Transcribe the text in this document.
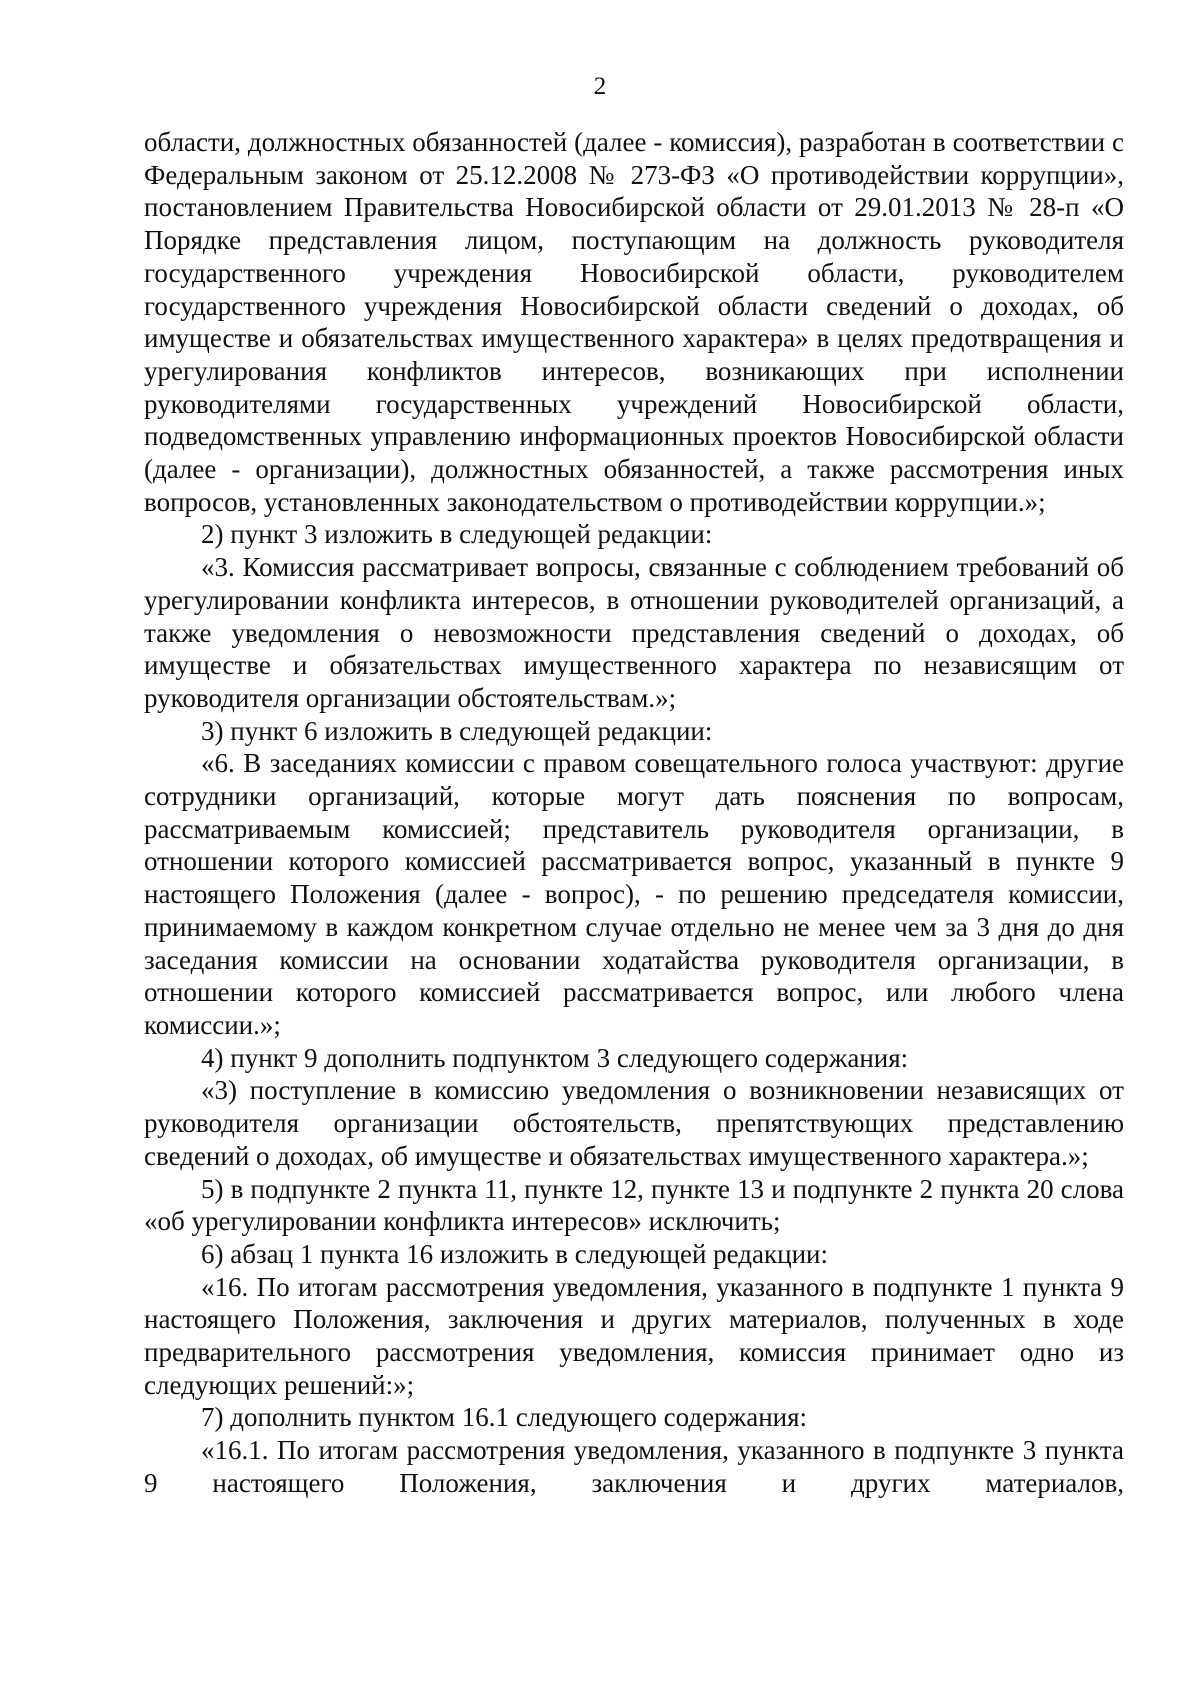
2

области, должностных обязанностей (далее - комиссия), разработан в соответствии с Федеральным законом от 25.12.2008 № 273-ФЗ «О противодействии коррупции», постановлением Правительства Новосибирской области от 29.01.2013 № 28-п «О Порядке представления лицом, поступающим на должность руководителя государственного учреждения Новосибирской области, руководителем государственного учреждения Новосибирской области сведений о доходах, об имуществе и обязательствах имущественного характера» в целях предотвращения и урегулирования конфликтов интересов, возникающих при исполнении руководителями государственных учреждений Новосибирской области, подведомственных управлению информационных проектов Новосибирской области (далее - организации), должностных обязанностей, а также рассмотрения иных вопросов, установленных законодательством о противодействии коррупции.»;

2) пункт 3 изложить в следующей редакции:

«3. Комиссия рассматривает вопросы, связанные с соблюдением требований об урегулировании конфликта интересов, в отношении руководителей организаций, а также уведомления о невозможности представления сведений о доходах, об имуществе и обязательствах имущественного характера по независящим от руководителя организации обстоятельствам.»;

3) пункт 6 изложить в следующей редакции:

«6. В заседаниях комиссии с правом совещательного голоса участвуют: другие сотрудники организаций, которые могут дать пояснения по вопросам, рассматриваемым комиссией; представитель руководителя организации, в отношении которого комиссией рассматривается вопрос, указанный в пункте 9 настоящего Положения (далее - вопрос), - по решению председателя комиссии, принимаемому в каждом конкретном случае отдельно не менее чем за 3 дня до дня заседания комиссии на основании ходатайства руководителя организации, в отношении которого комиссией рассматривается вопрос, или любого члена комиссии.»;

4) пункт 9 дополнить подпунктом 3 следующего содержания:

«3) поступление в комиссию уведомления о возникновении независящих от руководителя организации обстоятельств, препятствующих представлению сведений о доходах, об имуществе и обязательствах имущественного характера.»;

5) в подпункте 2 пункта 11, пункте 12, пункте 13 и подпункте 2 пункта 20 слова «об урегулировании конфликта интересов» исключить;

6) абзац 1 пункта 16 изложить в следующей редакции:

«16. По итогам рассмотрения уведомления, указанного в подпункте 1 пункта 9 настоящего Положения, заключения и других материалов, полученных в ходе предварительного рассмотрения уведомления, комиссия принимает одно из следующих решений:»;

7) дополнить пунктом 16.1 следующего содержания:

«16.1. По итогам рассмотрения уведомления, указанного в подпункте 3 пункта 9 настоящего Положения, заключения и других материалов,
